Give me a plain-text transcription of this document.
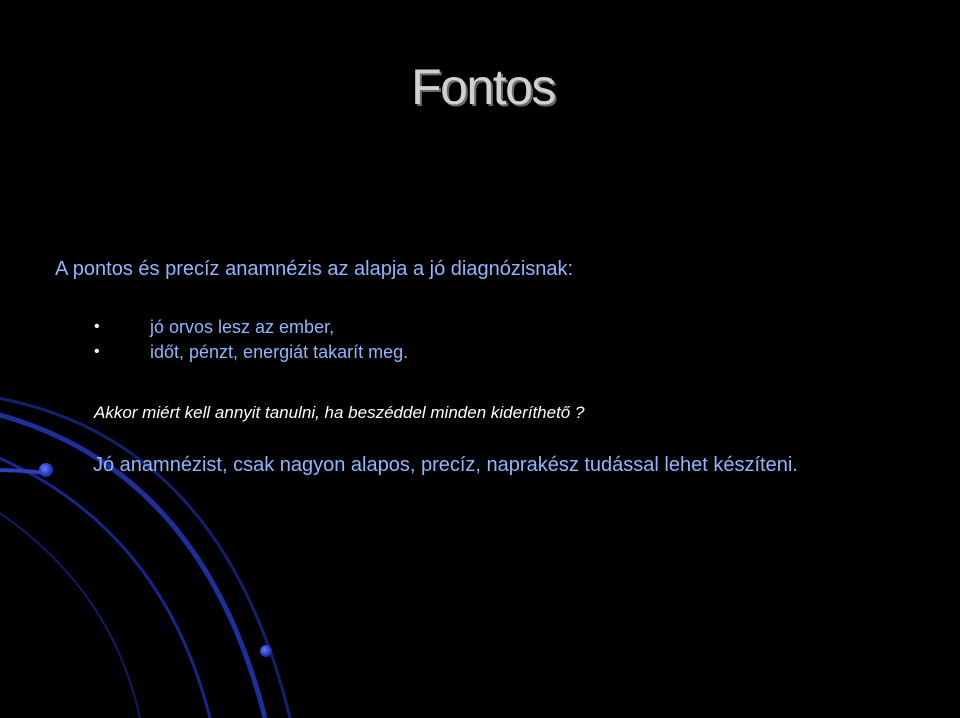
Fontos
A pontos és precíz anamnézis az alapja a jó diagnózisnak:
•	jó orvos lesz az ember,
•	időt, pénzt, energiát takarít meg.
Akkor miért kell annyit tanulni, ha beszéddel minden kideríthető ?
Jó anamnézist, csak nagyon alapos, precíz, naprakész tudással lehet készíteni.
